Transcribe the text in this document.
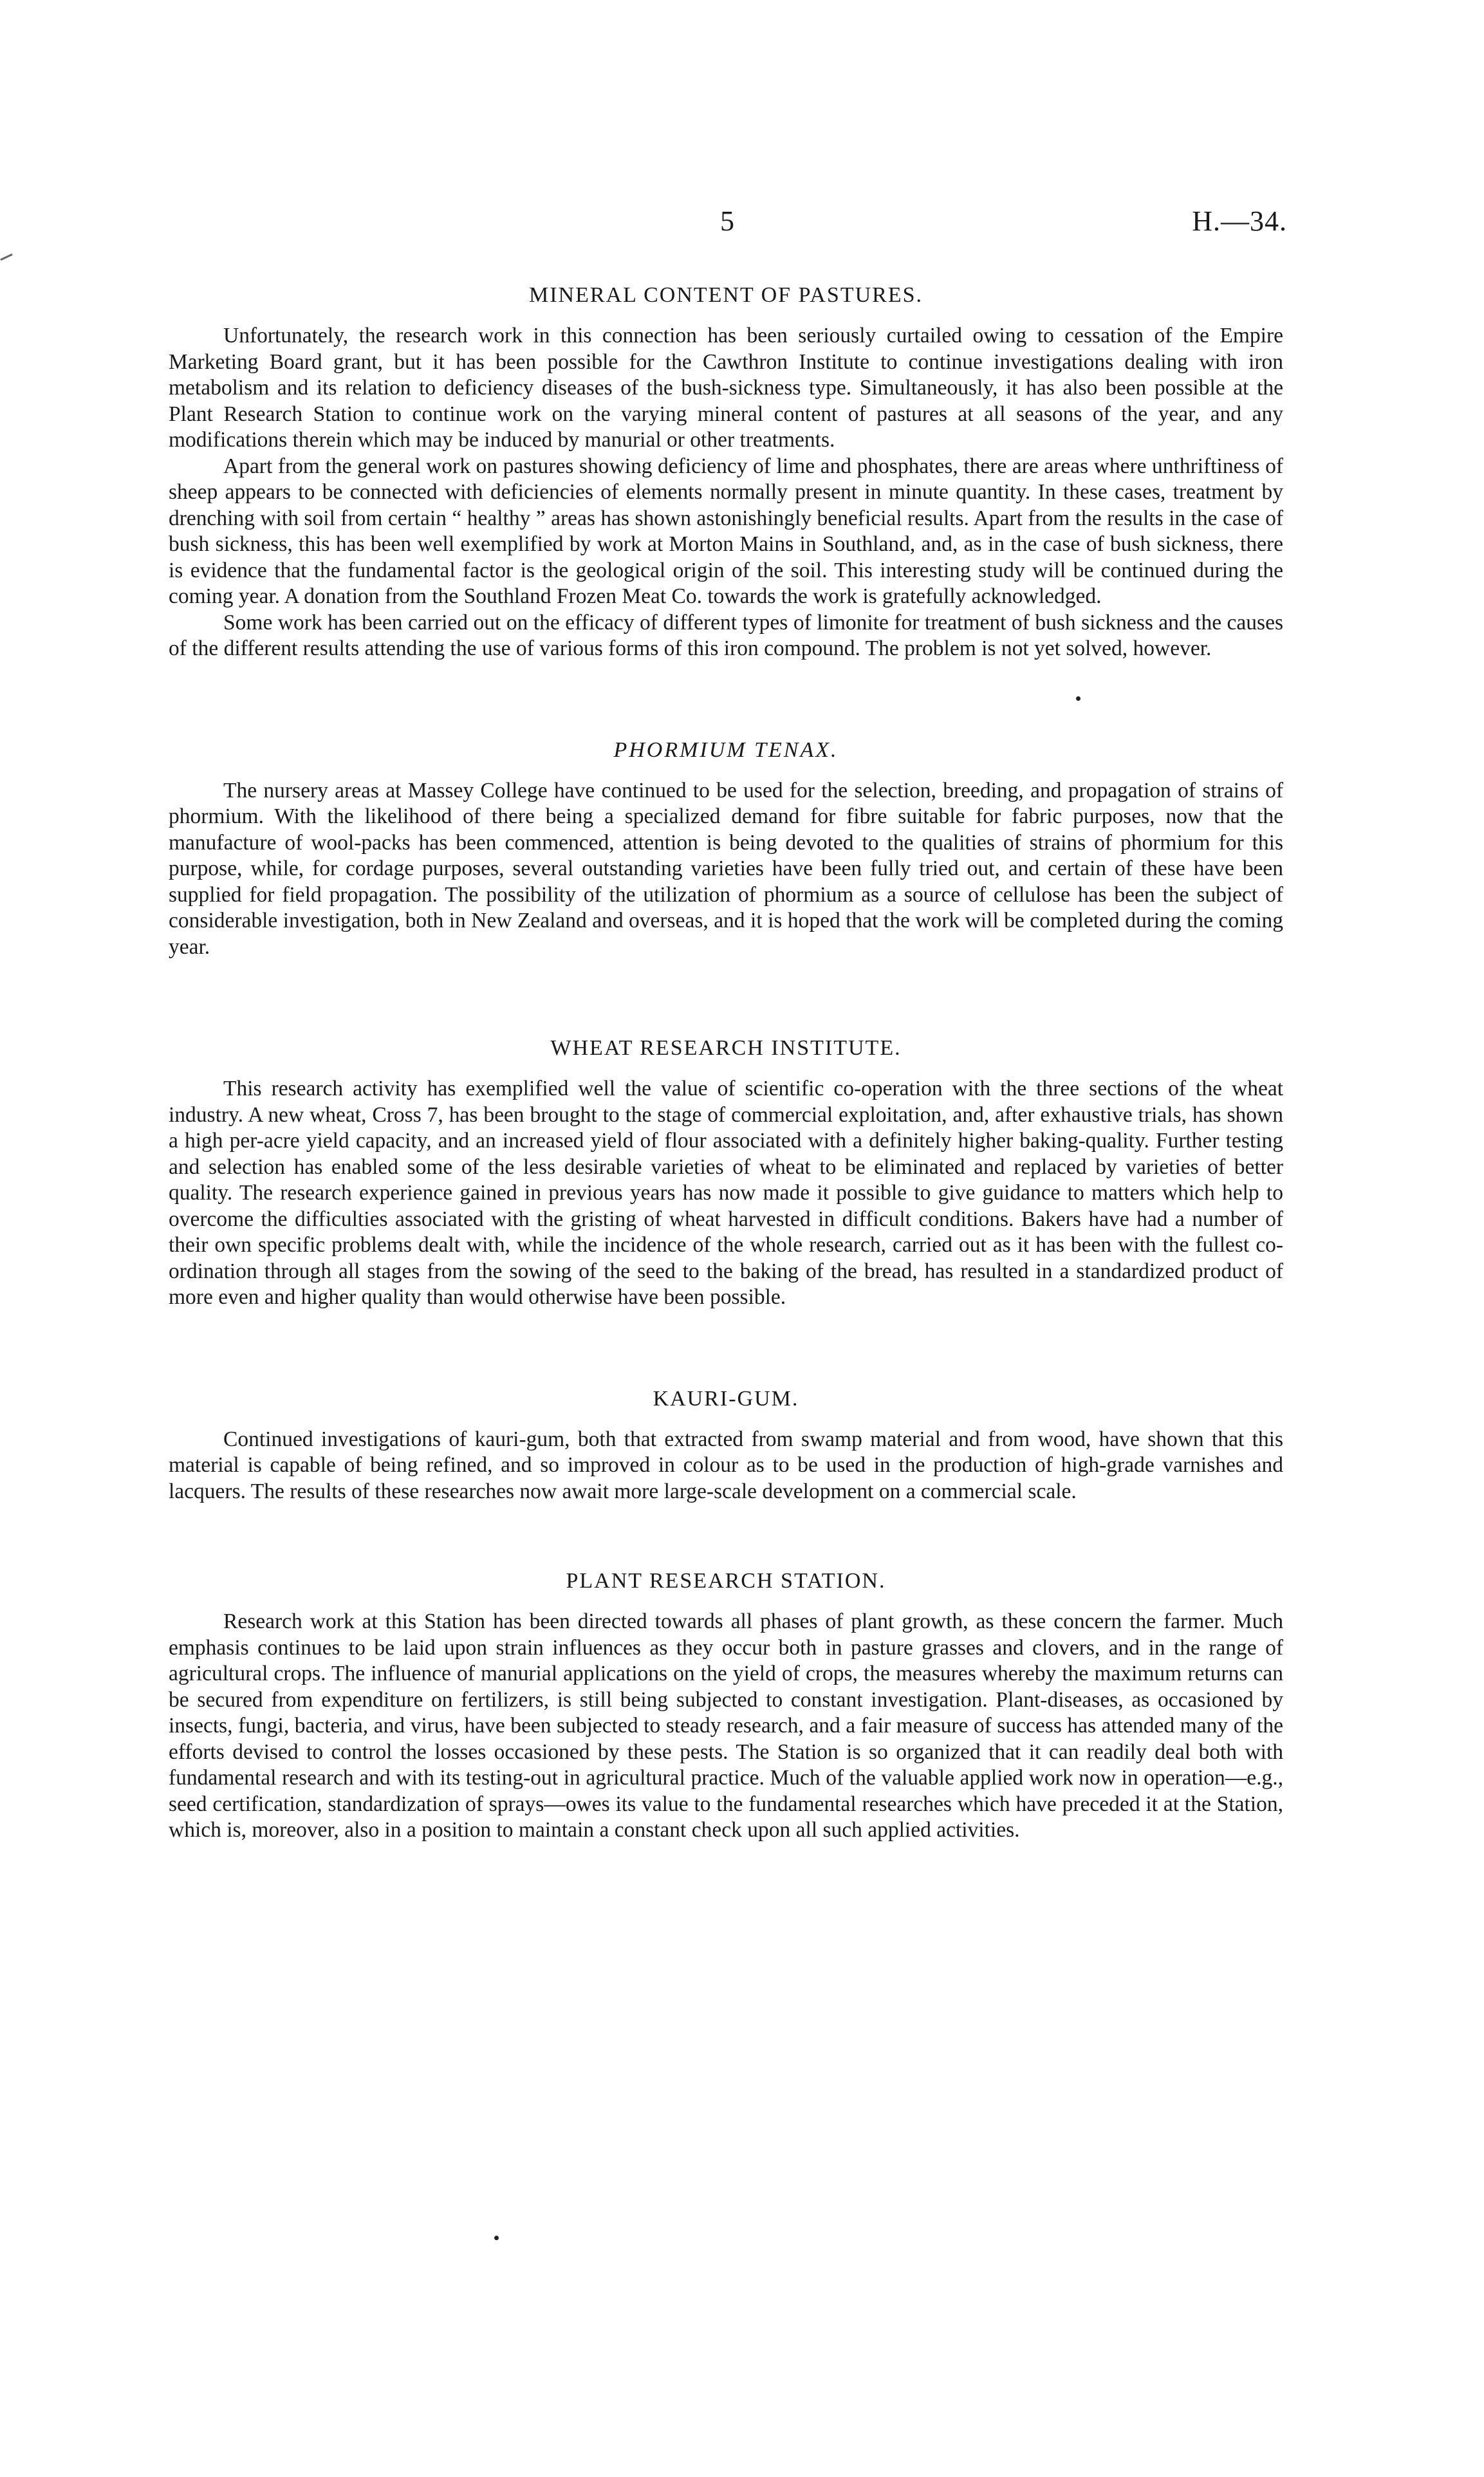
5	H.—34.
MINERAL CONTENT OF PASTURES.

Unfortunately, the research work in this connection has been seriously curtailed owing to cessation of the Empire Marketing Board grant, but it has been possible for the Cawthron Institute to continue investigations dealing with iron metabolism and its relation to deficiency diseases of the bush-sickness type. Simultaneously, it has also been possible at the Plant Research Station to continue work on the varying mineral content of pastures at all seasons of the year, and any modifications therein which may be induced by manurial or other treatments.

Apart from the general work on pastures showing deficiency of lime and phosphates, there are areas where unthriftiness of sheep appears to be connected with deficiencies of elements normally present in minute quantity. In these cases, treatment by drenching with soil from certain “ healthy ” areas has shown astonishingly beneficial results. Apart from the results in the case of bush sickness, this has been well exemplified by work at Morton Mains in Southland, and, as in the case of bush sickness, there is evidence that the fundamental factor is the geological origin of the soil. This interesting study will be continued during the coming year. A donation from the Southland Frozen Meat Co. towards the work is gratefully acknowledged.

Some work has been carried out on the efficacy of different types of limonite for treatment of bush sickness and the causes of the different results attending the use of various forms of this iron compound. The problem is not yet solved, however.

PHORMIUM TENAX.

The nursery areas at Massey College have continued to be used for the selection, breeding, and propagation of strains of phormium. With the likelihood of there being a specialized demand for fibre suitable for fabric purposes, now that the manufacture of wool-packs has been commenced, attention is being devoted to the qualities of strains of phormium for this purpose, while, for cordage purposes, several outstanding varieties have been fully tried out, and certain of these have been supplied for field propagation. The possibility of the utilization of phormium as a source of cellulose has been the subject of considerable investigation, both in New Zealand and overseas, and it is hoped that the work will be completed during the coming year.

WHEAT RESEARCH INSTITUTE.

This research activity has exemplified well the value of scientific co-operation with the three sections of the wheat industry. A new wheat, Cross 7, has been brought to the stage of commercial exploitation, and, after exhaustive trials, has shown a high per-acre yield capacity, and an increased yield of flour associated with a definitely higher baking-quality. Further testing and selection has enabled some of the less desirable varieties of wheat to be eliminated and replaced by varieties of better quality. The research experience gained in previous years has now made it possible to give guidance to matters which help to overcome the difficulties associated with the gristing of wheat harvested in difficult conditions. Bakers have had a number of their own specific problems dealt with, while the incidence of the whole research, carried out as it has been with the fullest co-ordination through all stages from the sowing of the seed to the baking of the bread, has resulted in a standardized product of more even and higher quality than would otherwise have been possible.

KAURI-GUM.

Continued investigations of kauri-gum, both that extracted from swamp material and from wood, have shown that this material is capable of being refined, and so improved in colour as to be used in the production of high-grade varnishes and lacquers. The results of these researches now await more large-scale development on a commercial scale.

PLANT RESEARCH STATION.

Research work at this Station has been directed towards all phases of plant growth, as these concern the farmer. Much emphasis continues to be laid upon strain influences as they occur both in pasture grasses and clovers, and in the range of agricultural crops. The influence of manurial applications on the yield of crops, the measures whereby the maximum returns can be secured from expenditure on fertilizers, is still being subjected to constant investigation. Plant-diseases, as occasioned by insects, fungi, bacteria, and virus, have been subjected to steady research, and a fair measure of success has attended many of the efforts devised to control the losses occasioned by these pests. The Station is so organized that it can readily deal both with fundamental research and with its testing-out in agricultural practice. Much of the valuable applied work now in operation—e.g., seed certification, standardization of sprays—owes its value to the fundamental researches which have preceded it at the Station, which is, moreover, also in a position to maintain a constant check upon all such applied activities.
